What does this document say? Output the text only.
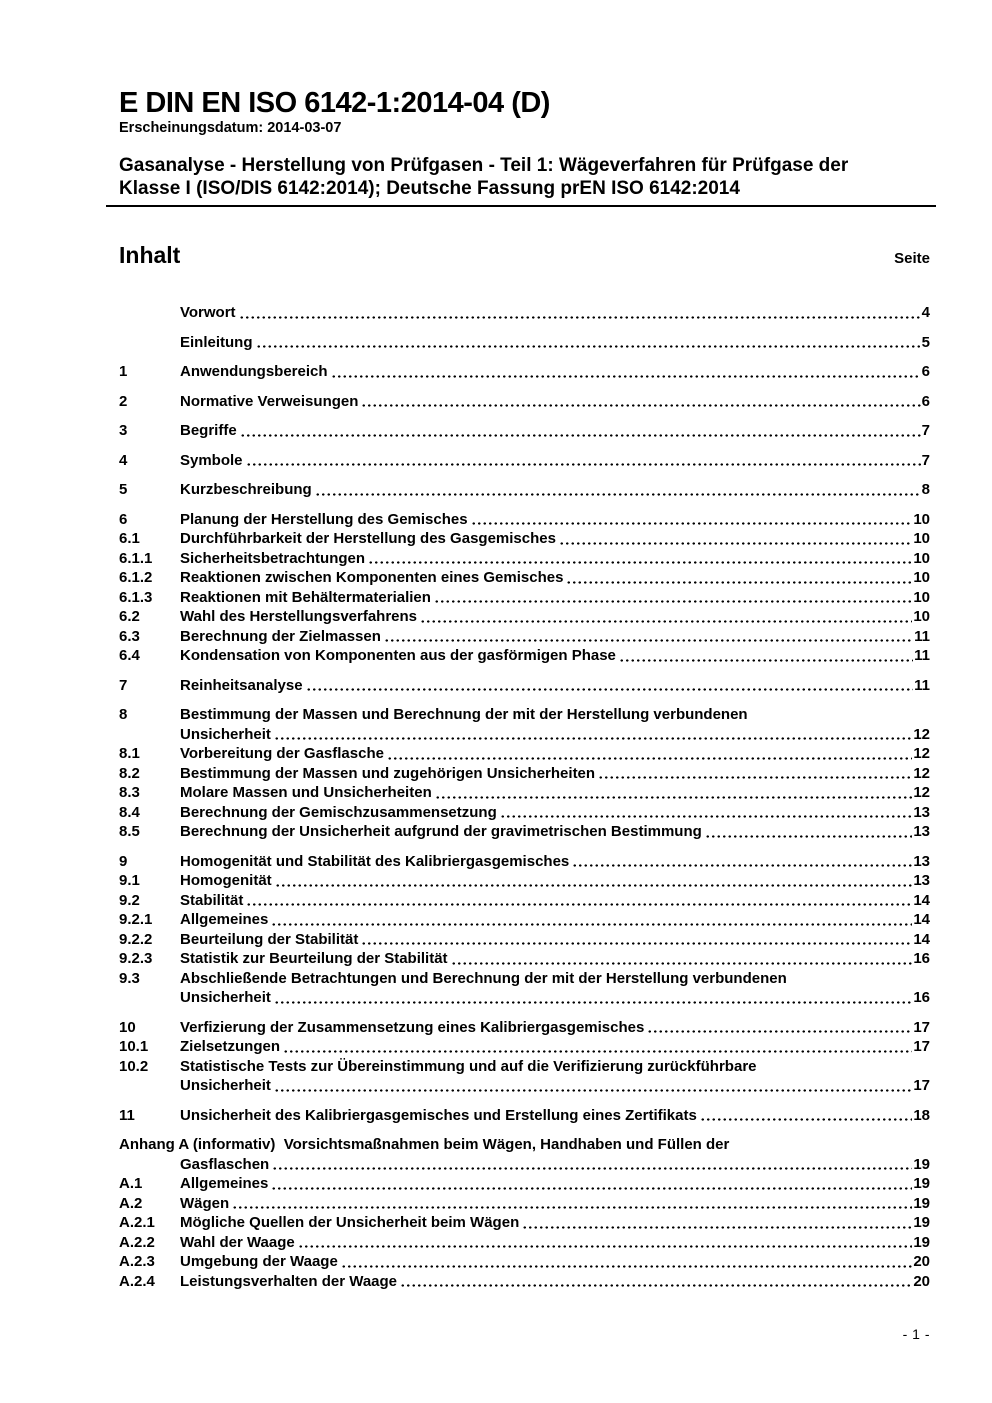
E DIN EN ISO 6142-1:2014-04 (D)
Erscheinungsdatum: 2014-03-07
Gasanalyse - Herstellung von Prüfgasen - Teil 1: Wägeverfahren für Prüfgase der
Klasse I (ISO/DIS 6142:2014); Deutsche Fassung prEN ISO 6142:2014
Inhalt	Seite
Vorwort	4
Einleitung	5
1	Anwendungsbereich	6
2	Normative Verweisungen	6
3	Begriffe	7
4	Symbole	7
5	Kurzbeschreibung	8
6	Planung der Herstellung des Gemisches	10
6.1	Durchführbarkeit der Herstellung des Gasgemisches	10
6.1.1	Sicherheitsbetrachtungen	10
6.1.2	Reaktionen zwischen Komponenten eines Gemisches	10
6.1.3	Reaktionen mit Behältermaterialien	10
6.2	Wahl des Herstellungsverfahrens	10
6.3	Berechnung der Zielmassen	11
6.4	Kondensation von Komponenten aus der gasförmigen Phase	11
7	Reinheitsanalyse	11
8	Bestimmung der Massen und Berechnung der mit der Herstellung verbundenen
Unsicherheit	12
8.1	Vorbereitung der Gasflasche	12
8.2	Bestimmung der Massen und zugehörigen Unsicherheiten	12
8.3	Molare Massen und Unsicherheiten	12
8.4	Berechnung der Gemischzusammensetzung	13
8.5	Berechnung der Unsicherheit aufgrund der gravimetrischen Bestimmung	13
9	Homogenität und Stabilität des Kalibriergasgemisches	13
9.1	Homogenität	13
9.2	Stabilität	14
9.2.1	Allgemeines	14
9.2.2	Beurteilung der Stabilität	14
9.2.3	Statistik zur Beurteilung der Stabilität	16
9.3	Abschließende Betrachtungen und Berechnung der mit der Herstellung verbundenen
Unsicherheit	16
10	Verfizierung der Zusammensetzung eines Kalibriergasgemisches	17
10.1	Zielsetzungen	17
10.2	Statistische Tests zur Übereinstimmung und auf die Verifizierung zurückführbare
Unsicherheit	17
11	Unsicherheit des Kalibriergasgemisches und Erstellung eines Zertifikats	18
Anhang A (informativ)  Vorsichtsmaßnahmen beim Wägen, Handhaben und Füllen der
Gasflaschen	19
A.1	Allgemeines	19
A.2	Wägen	19
A.2.1	Mögliche Quellen der Unsicherheit beim Wägen	19
A.2.2	Wahl der Waage	19
A.2.3	Umgebung der Waage	20
A.2.4	Leistungsverhalten der Waage	20
- 1 -
